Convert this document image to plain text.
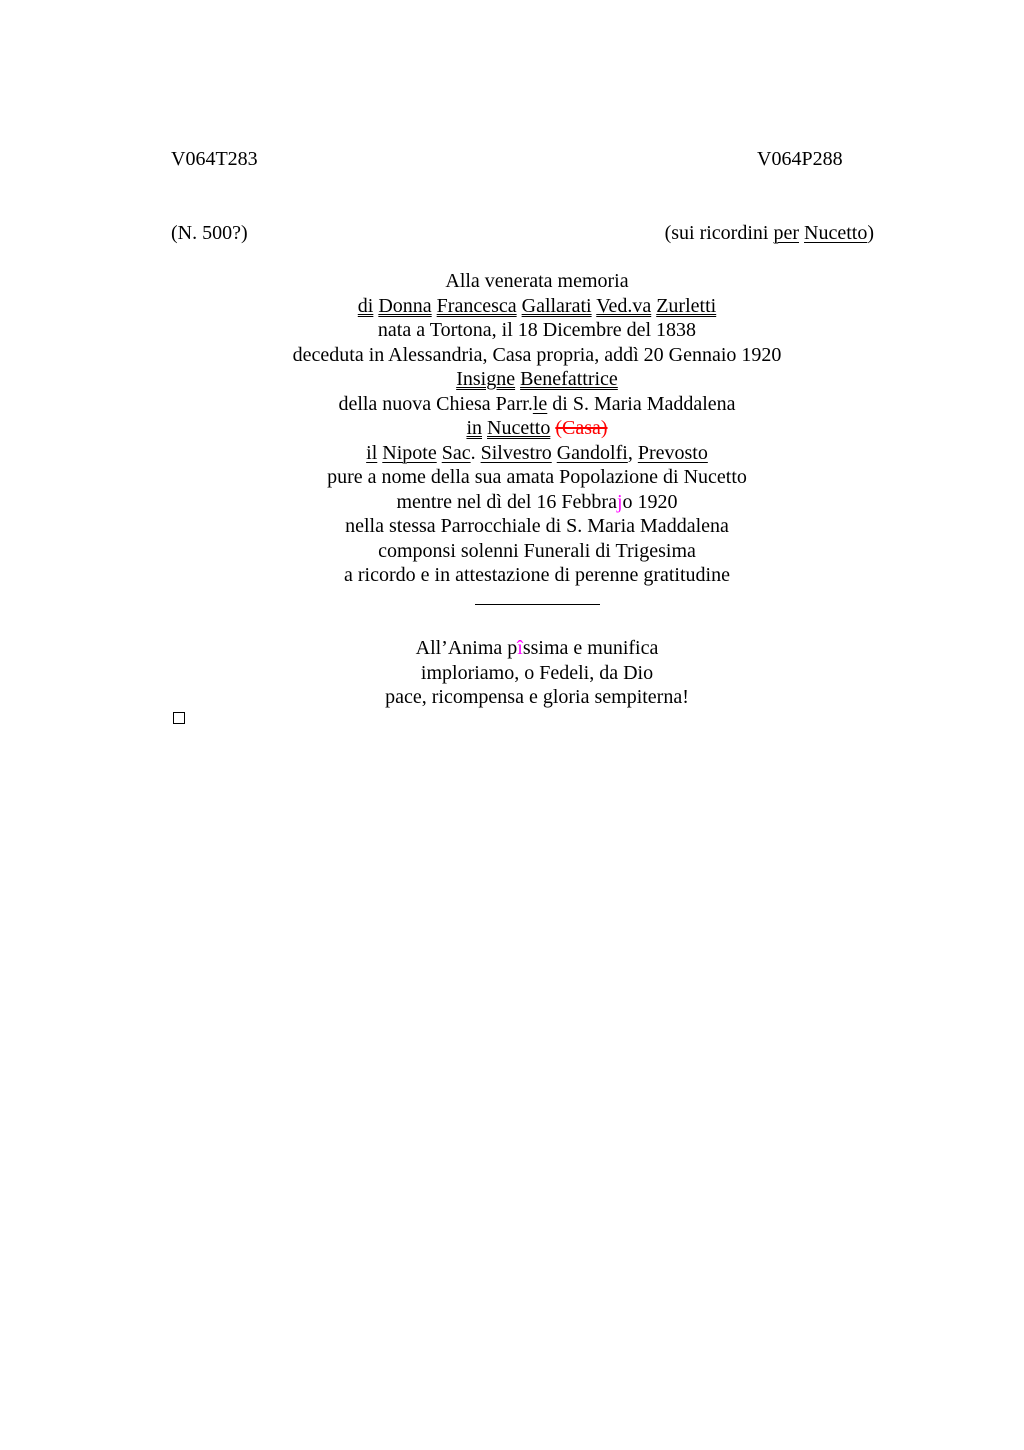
V064T283	V064P288
(N. 500?)	(sui ricordini per Nucetto)
Alla venerata memoria
di Donna Francesca Gallarati Ved.va Zurletti
nata a Tortona, il 18 Dicembre del 1838
deceduta in Alessandria, Casa propria, addì 20 Gennaio 1920
Insigne Benefattrice
della nuova Chiesa Parr.le di S. Maria Maddalena
in Nucetto (Casa)
il Nipote Sac. Silvestro Gandolfi, Prevosto
pure a nome della sua amata Popolazione di Nucetto
mentre nel dì del 16 Febbrajo 1920
nella stessa Parrocchiale di S. Maria Maddalena
componsi solenni Funerali di Trigesima
a ricordo e in attestazione di perenne gratitudine
All’Anima pîssima e munifica
imploriamo, o Fedeli, da Dio
pace, ricompensa e gloria sempiterna!
